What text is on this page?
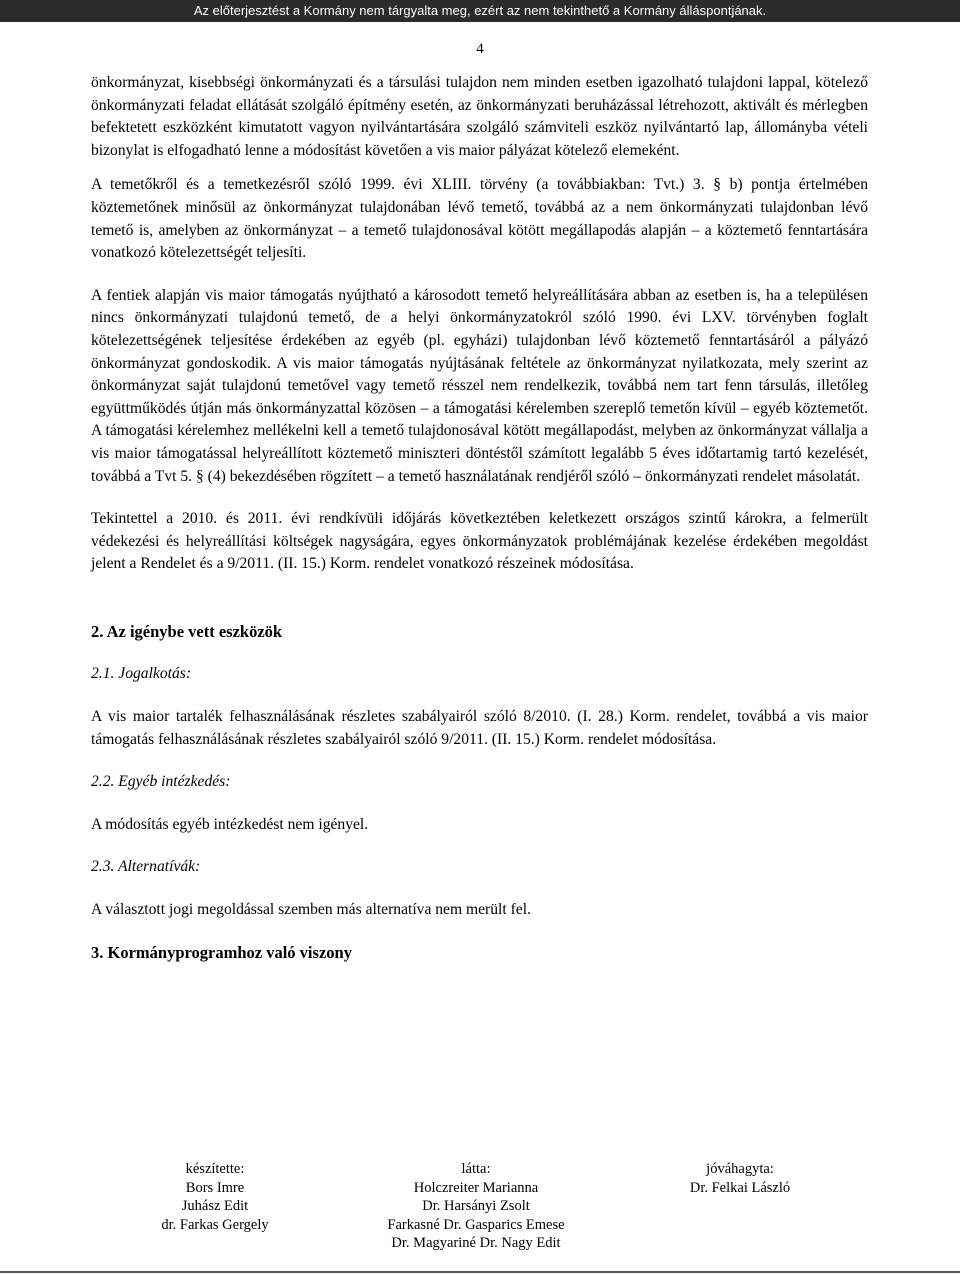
Az előterjesztést a Kormány nem tárgyalta meg, ezért az nem tekinthető a Kormány álláspontjának.
4

önkormányzat, kisebbségi önkormányzati és a társulási tulajdon nem minden esetben igazolható tulajdoni lappal, kötelező önkormányzati feladat ellátását szolgáló építmény esetén, az önkormányzati beruházással létrehozott, aktivált és mérlegben befektetett eszközként kimutatott vagyon nyilvántartására szolgáló számviteli eszköz nyilvántartó lap, állományba vételi bizonylat is elfogadható lenne a módosítást követően a vis maior pályázat kötelező elemeként.

A temetőkről és a temetkezésről szóló 1999. évi XLIII. törvény (a továbbiakban: Tvt.) 3. § b) pontja értelmében köztemetőnek minősül az önkormányzat tulajdonában lévő temető, továbbá az a nem önkormányzati tulajdonban lévő temető is, amelyben az önkormányzat – a temető tulajdonosával kötött megállapodás alapján – a köztemető fenntartására vonatkozó kötelezettségét teljesíti.

A fentiek alapján vis maior támogatás nyújtható a károsodott temető helyreállítására abban az esetben is, ha a településen nincs önkormányzati tulajdonú temető, de a helyi önkormányzatokról szóló 1990. évi LXV. törvényben foglalt kötelezettségének teljesítése érdekében az egyéb (pl. egyházi) tulajdonban lévő köztemető fenntartásáról a pályázó önkormányzat gondoskodik. A vis maior támogatás nyújtásának feltétele az önkormányzat nyilatkozata, mely szerint az önkormányzat saját tulajdonú temetővel vagy temető résszel nem rendelkezik, továbbá nem tart fenn társulás, illetőleg együttműködés útján más önkormányzattal közösen – a támogatási kérelemben szereplő temetőn kívül – egyéb köztemetőt. A támogatási kérelemhez mellékelni kell a temető tulajdonosával kötött megállapodást, melyben az önkormányzat vállalja a vis maior támogatással helyreállított köztemető miniszteri döntéstől számított legalább 5 éves időtartamig tartó kezelését, továbbá a Tvt 5. § (4) bekezdésében rögzített – a temető használatának rendjéről szóló – önkormányzati rendelet másolatát.

Tekintettel a 2010. és 2011. évi rendkívüli időjárás következtében keletkezett országos szintű károkra, a felmerült védekezési és helyreállítási költségek nagyságára, egyes önkormányzatok problémájának kezelése érdekében megoldást jelent a Rendelet és a 9/2011. (II. 15.) Korm. rendelet vonatkozó részeinek módosítása.

2. Az igénybe vett eszközök

2.1. Jogalkotás:

A vis maior tartalék felhasználásának részletes szabályairól szóló 8/2010. (I. 28.) Korm. rendelet, továbbá a vis maior támogatás felhasználásának részletes szabályairól szóló 9/2011. (II. 15.) Korm. rendelet módosítása.

2.2. Egyéb intézkedés:

A módosítás egyéb intézkedést nem igényel.

2.3. Alternatívák:

A választott jogi megoldással szemben más alternatíva nem merült fel.

3. Kormányprogramhoz való viszony

készítette:
Bors Imre
Juhász Edit
dr. Farkas Gergely
látta:
Holczreiter Marianna
Dr. Harsányi Zsolt
Farkasné Dr. Gasparics Emese
Dr. Magyariné Dr. Nagy Edit
jóváhagyta:
Dr. Felkai László
